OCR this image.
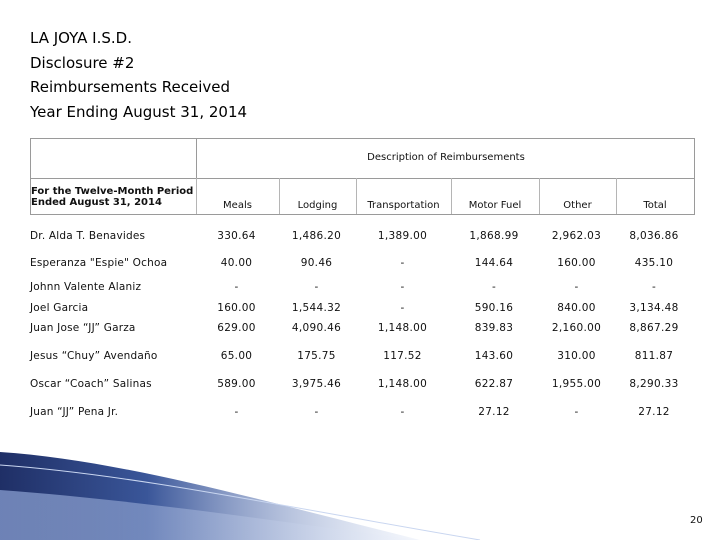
LA JOYA I.S.D.
Disclosure #2
Reimbursements Received
Year Ending August 31, 2014
Description of Reimbursements
For the Twelve-Month Period
Ended August 31, 2014	Meals	Lodging	Transportation	Motor Fuel	Other	Total
Dr. Alda T. Benavides	330.64	1,486.20	1,389.00	1,868.99	2,962.03	8,036.86
Esperanza "Espie" Ochoa	40.00	90.46	-	144.64	160.00	435.10
Johnn Valente Alaniz	-	-	-	-	-	-
Joel Garcia	160.00	1,544.32	-	590.16	840.00	3,134.48
Juan Jose “JJ” Garza	629.00	4,090.46	1,148.00	839.83	2,160.00	8,867.29
Jesus “Chuy” Avendaño	65.00	175.75	117.52	143.60	310.00	811.87
Oscar “Coach” Salinas	589.00	3,975.46	1,148.00	622.87	1,955.00	8,290.33
Juan “JJ” Pena Jr.	-	-	-	27.12	-	27.12
20
